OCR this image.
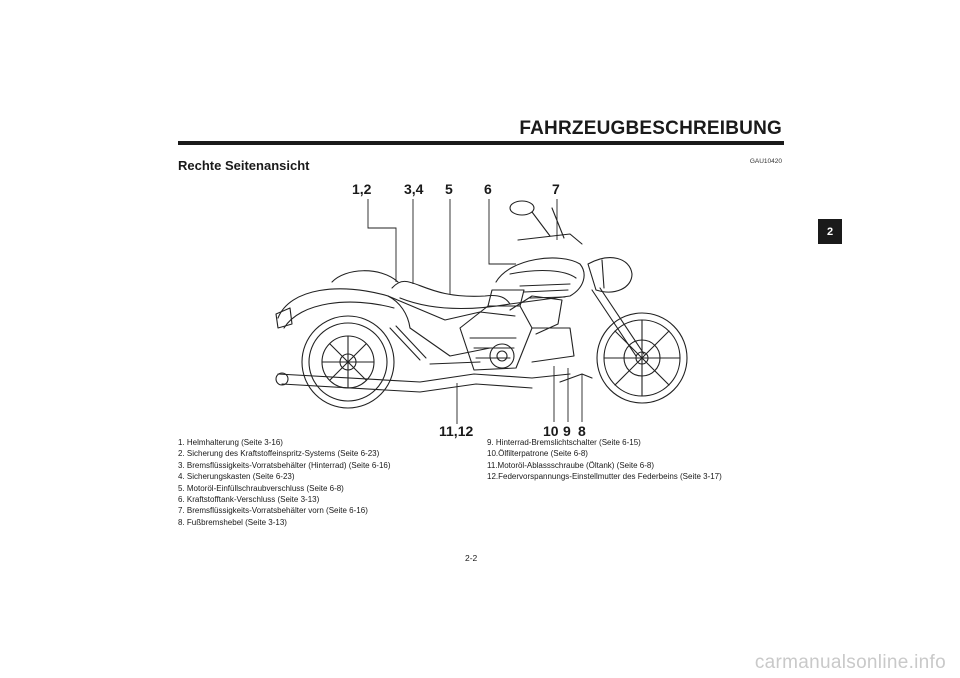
FAHRZEUGBESCHREIBUNG
Rechte Seitenansicht	GAU10420
2
1,2 3,4 5 6	7
11,12	10 9 8
1. Helmhalterung (Seite 3-16)
2. Sicherung des Kraftstoffeinspritz-Systems (Seite 6-23)
3. Bremsflüssigkeits-Vorratsbehälter (Hinterrad) (Seite 6-16)
4. Sicherungskasten (Seite 6-23)
5. Motoröl-Einfüllschraubverschluss (Seite 6-8)
6. Kraftstofftank-Verschluss (Seite 3-13)
7. Bremsflüssigkeits-Vorratsbehälter vorn (Seite 6-16)
8. Fußbremshebel (Seite 3-13)
9. Hinterrad-Bremslichtschalter (Seite 6-15)
10.Ölfilterpatrone (Seite 6-8)
11.Motoröl-Ablassschraube (Öltank) (Seite 6-8)
12.Federvorspannungs-Einstellmutter des Federbeins (Seite 3-17)
2-2
carmanualsonline.info
